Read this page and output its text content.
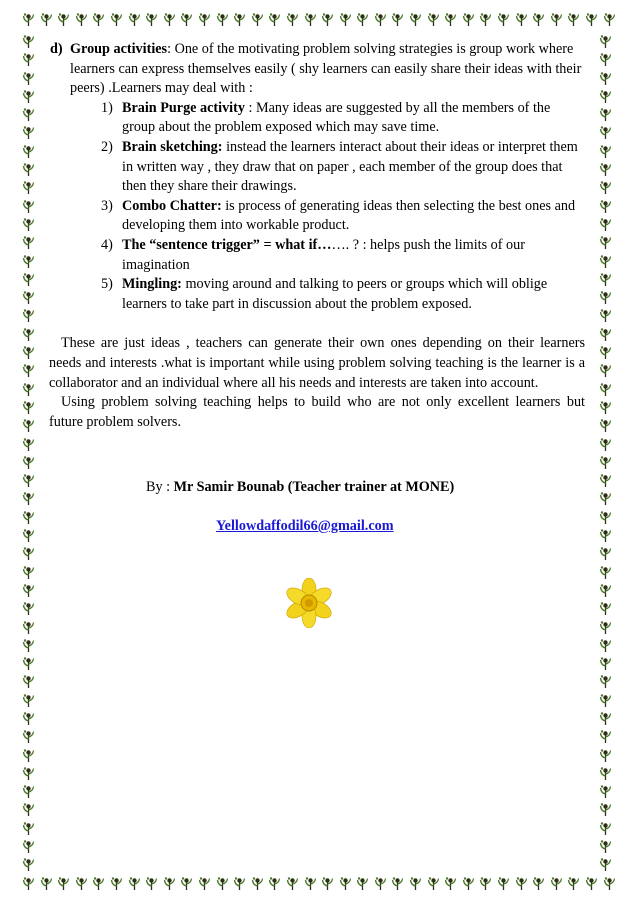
d) Group activities: One of the motivating problem solving strategies is group work where learners can express themselves easily ( shy learners can easily share their ideas with their peers) .Learners may deal with :
1) Brain Purge activity : Many ideas are suggested by all the members of the group about the problem exposed which may save time.
2) Brain sketching: instead the learners interact about their ideas or interpret them in written way , they draw that on paper , each member of the group does that then they share their drawings.
3) Combo Chatter: is process of generating ideas then selecting the best ones and developing them into workable product.
4) The “sentence trigger” = what if……. ? : helps push the limits of our imagination
5) Mingling: moving around and talking to peers or groups which will oblige learners to take part in discussion about the problem exposed.

These are just ideas , teachers can generate their own ones depending on their learners needs and interests .what is important while using problem solving teaching is the learner is a collaborator and an individual where all his needs and interests are taken into account.

Using problem solving teaching helps to build who are not only excellent learners but future problem solvers.

By : Mr Samir Bounab (Teacher trainer at MONE)
Yellowdaffodil66@gmail.com
